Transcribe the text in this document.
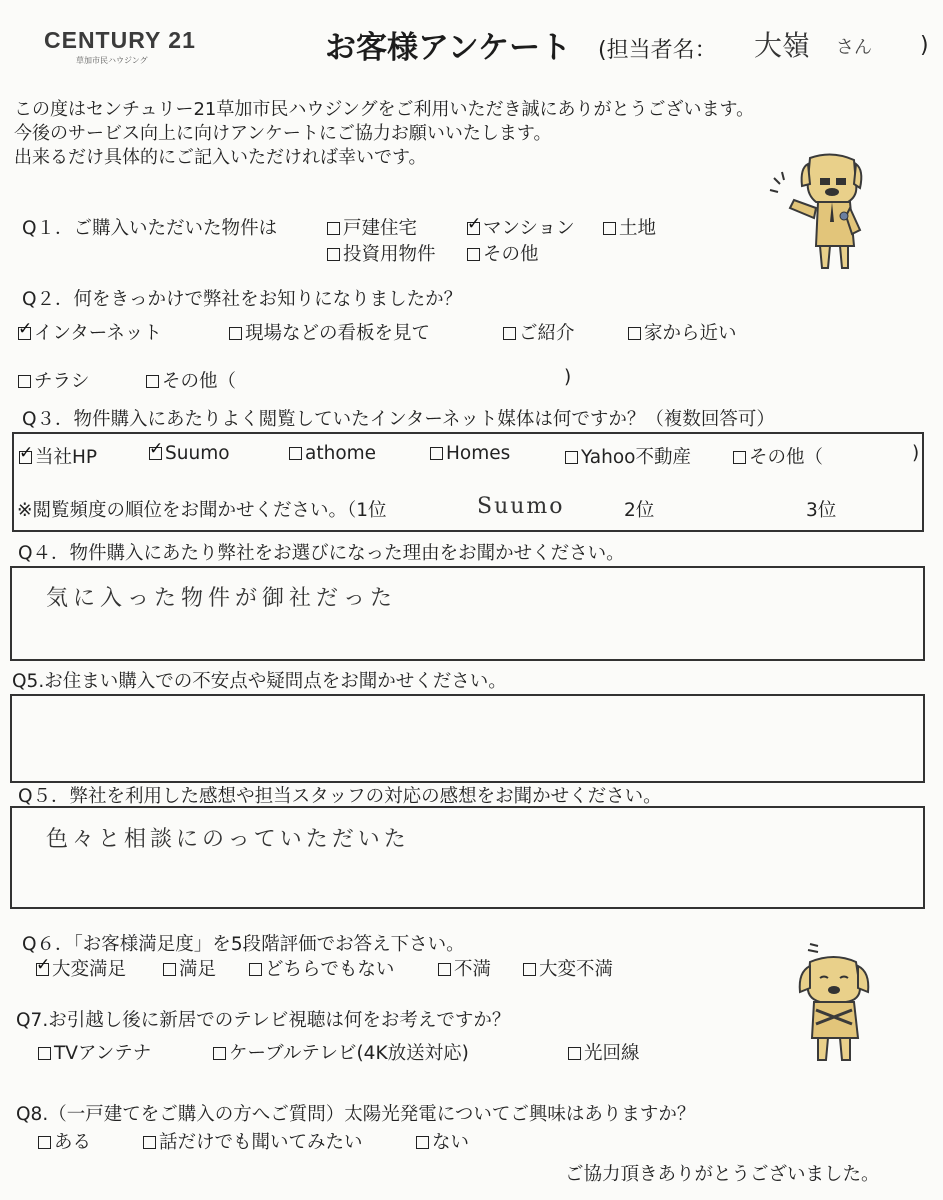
CENTURY 21
草加市民ハウジング	お客様アンケート (担当者名： 大嶺 さん )
この度はセンチュリー21草加市民ハウジングをご利用いただき誠にありがとうございます。
今後のサービス向上に向けアンケートにご協力お願いいたします。
出来るだけ具体的にご記入いただければ幸いです。
Q１．ご購入いただいた物件は	戸建住宅 ✓	マンション	土地
投資用物件	その他
Q２．何をきっかけで弊社をお知りになりましたか？
✓インターネット	現場などの看板を見て	ご紹介	家から近い
チラシ	その他（	)
Q３．物件購入にあたりよく閲覧していたインターネット媒体は何ですか？（複数回答可）
✓当社HP ✓	Suumo	athome	Homes	Yahoo不動産	その他（	)
※閲覧頻度の順位をお聞かせください。（1位	Suumo	2位	3位
Q４．物件購入にあたり弊社をお選びになった理由をお聞かせください。
気に入った物件が御社だった
Q5.お住まい購入での不安点や疑問点をお聞かせください。
Q５．弊社を利用した感想や担当スタッフの対応の感想をお聞かせください。
色々と相談にのっていただいた
Q６．「お客様満足度」を5段階評価でお答え下さい。
✓大変満足	満足	どちらでもない	不満	大変不満
Q7.お引越し後に新居でのテレビ視聴は何をお考えですか？
TVアンテナ	ケーブルテレビ(4K放送対応)	光回線
Q8.（一戸建てをご購入の方へご質問）太陽光発電についてご興味はありますか？
ある	話だけでも聞いてみたい	ない
ご協力頂きありがとうございました。
